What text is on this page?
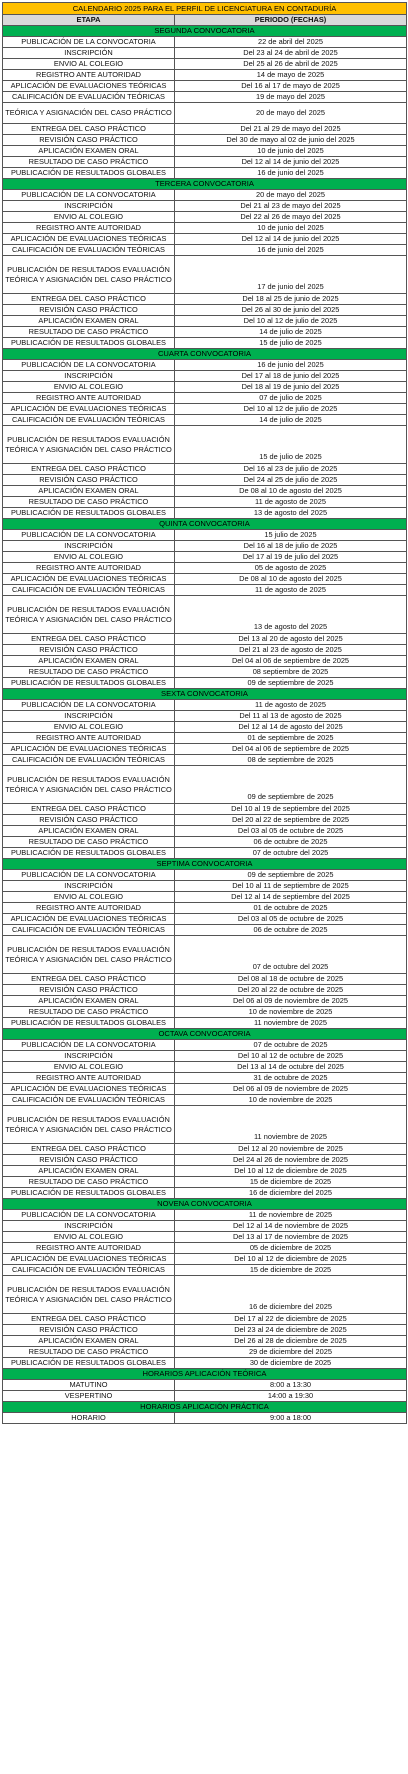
CALENDARIO 2025 PARA EL PERFIL DE LICENCIATURA EN CONTADURÍA
ETAPA	PERIODO (FECHAS)
SEGUNDA CONVOCATORIA
PUBLICACIÓN DE LA CONVOCATORIA	22 de abril del 2025
INSCRIPCIÓN	Del 23 al 24 de abril de 2025
ENVIO AL COLEGIO	Del 25 al 26 de abril de 2025
REGISTRO ANTE AUTORIDAD	14 de mayo de 2025
APLICACIÓN DE EVALUACIONES TEÓRICAS	Del 16 al 17 de mayo de 2025
CALIFICACIÓN DE EVALUACIÓN TEÓRICAS	19 de mayo del 2025
TEÓRICA Y ASIGNACIÓN DEL CASO PRÁCTICO	20 de mayo del 2025
ENTREGA DEL CASO PRÁCTICO	Del 21 al 29 de mayo del 2025
REVISIÓN CASO PRÁCTICO	Del 30 de mayo al 02 de junio del 2025
APLICACIÓN EXAMEN ORAL	10 de junio del 2025
RESULTADO DE CASO PRÁCTICO	Del 12 al 14 de junio del 2025
PUBLICACIÓN DE RESULTADOS GLOBALES	16 de junio del 2025
TERCERA CONVOCATORIA
PUBLICACIÓN DE LA CONVOCATORIA	20 de mayo del 2025
INSCRIPCIÓN	Del 21 al 23 de mayo del 2025
ENVIO AL COLEGIO	Del 22 al 26 de mayo del 2025
REGISTRO ANTE AUTORIDAD	10 de junio del 2025
APLICACIÓN DE EVALUACIONES TEÓRICAS	Del 12 al 14 de junio del 2025
CALIFICACIÓN DE EVALUACIÓN TEÓRICAS	16 de junio del 2025
PUBLICACIÓN DE RESULTADOS EVALUACIÓN TEÓRICA Y ASIGNACIÓN DEL CASO PRÁCTICO
17 de junio del 2025
ENTREGA DEL CASO PRÁCTICO	Del 18 al 25 de junio de 2025
REVISIÓN CASO PRÁCTICO	Del 26 al 30 de junio del 2025
APLICACIÓN EXAMEN ORAL	Del 10 al 12 de julio de 2025
RESULTADO DE CASO PRÁCTICO	14 de julio de 2025
PUBLICACIÓN DE RESULTADOS GLOBALES	15 de julio de 2025
CUARTA CONVOCATORIA
PUBLICACIÓN DE LA CONVOCATORIA	16 de junio del 2025
INSCRIPCIÓN	Del 17 al 18 de junio del 2025
ENVIO AL COLEGIO	Del 18 al 19 de junio del 2025
REGISTRO ANTE AUTORIDAD	07 de julio de 2025
APLICACIÓN DE EVALUACIONES TEÓRICAS	Del 10 al 12 de julio de 2025
CALIFICACIÓN DE EVALUACIÓN TEÓRICAS	14 de julio de 2025
PUBLICACIÓN DE RESULTADOS EVALUACIÓN TEÓRICA Y ASIGNACIÓN DEL CASO PRÁCTICO
15 de julio de 2025
ENTREGA DEL CASO PRÁCTICO	Del 16 al 23 de julio de 2025
REVISIÓN CASO PRÁCTICO	Del 24 al 25 de julio de 2025
APLICACIÓN EXAMEN ORAL	De 08 al 10 de agosto del 2025
RESULTADO DE CASO PRÁCTICO	11 de agosto de 2025
PUBLICACIÓN DE RESULTADOS GLOBALES	13 de agosto del 2025
QUINTA CONVOCATORIA
PUBLICACIÓN DE LA CONVOCATORIA	15 julio de 2025
INSCRIPCIÓN	Del 16 al 18 de julio de 2025
ENVIO AL COLEGIO	Del 17 al 19 de julio del 2025
REGISTRO ANTE AUTORIDAD	05 de agosto de 2025
APLICACIÓN DE EVALUACIONES TEÓRICAS	De 08 al 10 de agosto del 2025
CALIFICACIÓN DE EVALUACIÓN TEÓRICAS	11 de agosto de 2025
PUBLICACIÓN DE RESULTADOS EVALUACIÓN TEÓRICA Y ASIGNACIÓN DEL CASO PRÁCTICO
13 de agosto del 2025
ENTREGA DEL CASO PRÁCTICO	Del 13 al 20 de agosto del 2025
REVISIÓN CASO PRÁCTICO	Del 21 al 23 de agosto de 2025
APLICACIÓN EXAMEN ORAL	Del 04 al 06 de septiembre de 2025
RESULTADO DE CASO PRÁCTICO	08 septiembre de 2025
PUBLICACIÓN DE RESULTADOS GLOBALES	09 de septiembre de 2025
SEXTA CONVOCATORIA
PUBLICACIÓN DE LA CONVOCATORIA	11 de agosto de 2025
INSCRIPCIÓN	Del 11 al 13 de agosto de 2025
ENVIO AL COLEGIO	Del 12 al 14 de agosto del 2025
REGISTRO ANTE AUTORIDAD	01 de septiembre de 2025
APLICACIÓN DE EVALUACIONES TEÓRICAS	Del 04 al 06 de septiembre de 2025
CALIFICACIÓN DE EVALUACIÓN TEÓRICAS	08 de septiembre de 2025
PUBLICACIÓN DE RESULTADOS EVALUACIÓN TEÓRICA Y ASIGNACIÓN DEL CASO PRÁCTICO
09 de septiembre de 2025
ENTREGA DEL CASO PRÁCTICO	Del 10 al 19 de septiembre del 2025
REVISIÓN CASO PRÁCTICO	Del 20 al 22 de septiembre de 2025
APLICACIÓN EXAMEN ORAL	Del 03 al 05 de octubre de 2025
RESULTADO DE CASO PRÁCTICO	06 de octubre de 2025
PUBLICACIÓN DE RESULTADOS GLOBALES	07 de octubre del 2025
SEPTIMA CONVOCATORIA
PUBLICACIÓN DE LA CONVOCATORIA	09 de septiembre de 2025
INSCRIPCIÓN	Del 10 al 11 de septiembre de 2025
ENVIO AL COLEGIO	Del 12 al 14 de septiembre del 2025
REGISTRO ANTE AUTORIDAD	01 de octubre de 2025
APLICACIÓN DE EVALUACIONES TEÓRICAS	Del 03 al 05 de octubre de 2025
CALIFICACIÓN DE EVALUACIÓN TEÓRICAS	06 de octubre de 2025
PUBLICACIÓN DE RESULTADOS EVALUACIÓN TEÓRICA Y ASIGNACIÓN DEL CASO PRÁCTICO
07 de octubre del 2025
ENTREGA DEL CASO PRÁCTICO	Del 08 al 18 de octubre de 2025
REVISIÓN CASO PRÁCTICO	Del 20 al 22 de octubre de 2025
APLICACIÓN EXAMEN ORAL	Del 06 al 09 de noviembre de 2025
RESULTADO DE CASO PRÁCTICO	10 de noviembre de 2025
PUBLICACIÓN DE RESULTADOS GLOBALES	11 noviembre de 2025
OCTAVA CONVOCATORIA
PUBLICACIÓN DE LA CONVOCATORIA	07 de octubre de 2025
INSCRIPCIÓN	Del 10 al 12 de octubre de 2025
ENVIO AL COLEGIO	Del 13 al 14 de octubre del 2025
REGISTRO ANTE AUTORIDAD	31 de octubre de 2025
APLICACIÓN DE EVALUACIONES TEÓRICAS	Del 06 al 09 de noviembre de 2025
CALIFICACIÓN DE EVALUACIÓN TEÓRICAS	10 de noviembre de 2025
PUBLICACIÓN DE RESULTADOS EVALUACIÓN TEÓRICA Y ASIGNACIÓN DEL CASO PRÁCTICO
11 noviembre de 2025
ENTREGA DEL CASO PRÁCTICO	Del 12 al 20 noviembre de 2025
REVISIÓN CASO PRÁCTICO	Del 24 al 26 de noviembre de 2025
APLICACIÓN EXAMEN ORAL	Del 10 al 12 de diciembre de 2025
RESULTADO DE CASO PRÁCTICO	15 de diciembre de 2025
PUBLICACIÓN DE RESULTADOS GLOBALES	16 de diciembre del 2025
NOVENA CONVOCATORIA
PUBLICACIÓN DE LA CONVOCATORIA	11 de noviembre de 2025
INSCRIPCIÓN	Del 12 al 14 de noviembre de 2025
ENVIO AL COLEGIO	Del 13 al 17 de noviembre de 2025
REGISTRO ANTE AUTORIDAD	05 de diciembre de 2025
APLICACIÓN DE EVALUACIONES TEÓRICAS	Del 10 al 12 de diciembre de 2025
CALIFICACIÓN DE EVALUACIÓN TEÓRICAS	15 de diciembre de 2025
PUBLICACIÓN DE RESULTADOS EVALUACIÓN TEÓRICA Y ASIGNACIÓN DEL CASO PRÁCTICO
16 de diciembre del 2025
ENTREGA DEL CASO PRÁCTICO	Del 17 al 22 de diciembre de 2025
REVISIÓN CASO PRÁCTICO	Del 23 al 24 de diciembre de 2025
APLICACIÓN EXAMEN ORAL	Del 26 al 28 de diciembre de 2025
RESULTADO DE CASO PRÁCTICO	29 de diciembre del 2025
PUBLICACIÓN DE RESULTADOS GLOBALES	30 de diciembre de 2025
HORARIOS APLICACIÓN TEÓRICA
MATUTINO	8:00 a 13:30
VESPERTINO	14:00 a 19:30
HORARIOS APLICACIÓN PRÁCTICA
HORARIO	9:00 a 18:00
